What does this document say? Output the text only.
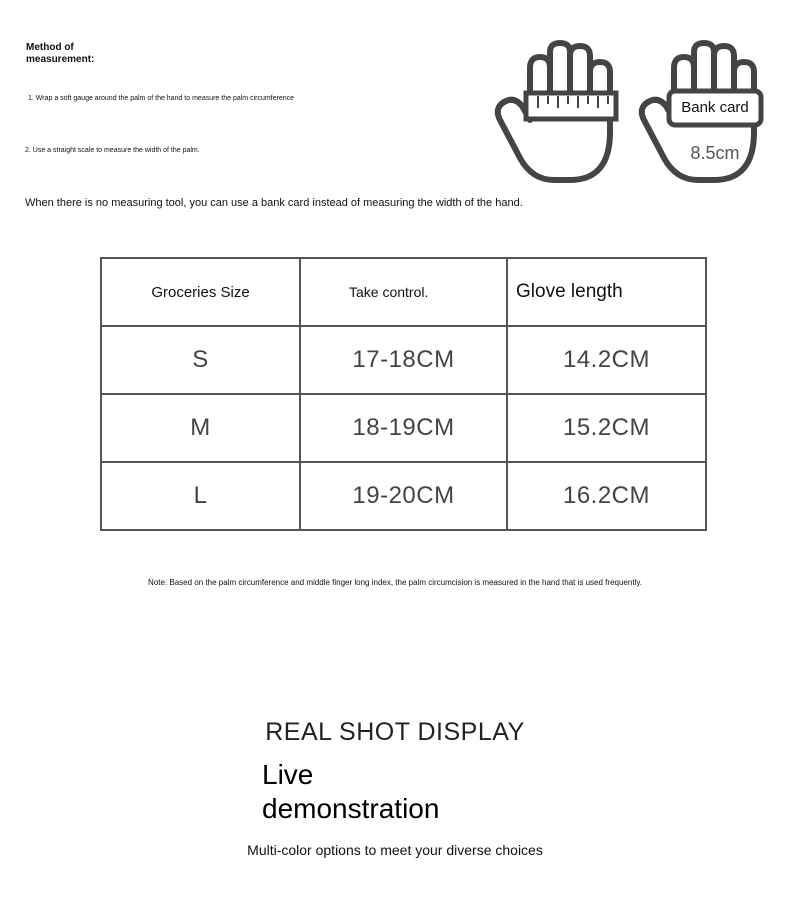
Method of measurement:
1. Wrap a soft gauge around the palm of the hand to measure the palm circumference
2. Use a straight scale to measure the width of the palm.
Bank card
8.5cm
When there is no measuring tool, you can use a bank card instead of measuring the width of the hand.
Groceries Size	Take control.	Glove length
S	17-18CM	14.2CM
M	18-19CM	15.2CM
L	19-20CM	16.2CM
Note: Based on the palm circumference and middle finger long index, the palm circumcision is measured in the hand that is used frequently.
REAL SHOT DISPLAY
Live demonstration
Multi-color options to meet your diverse choices
